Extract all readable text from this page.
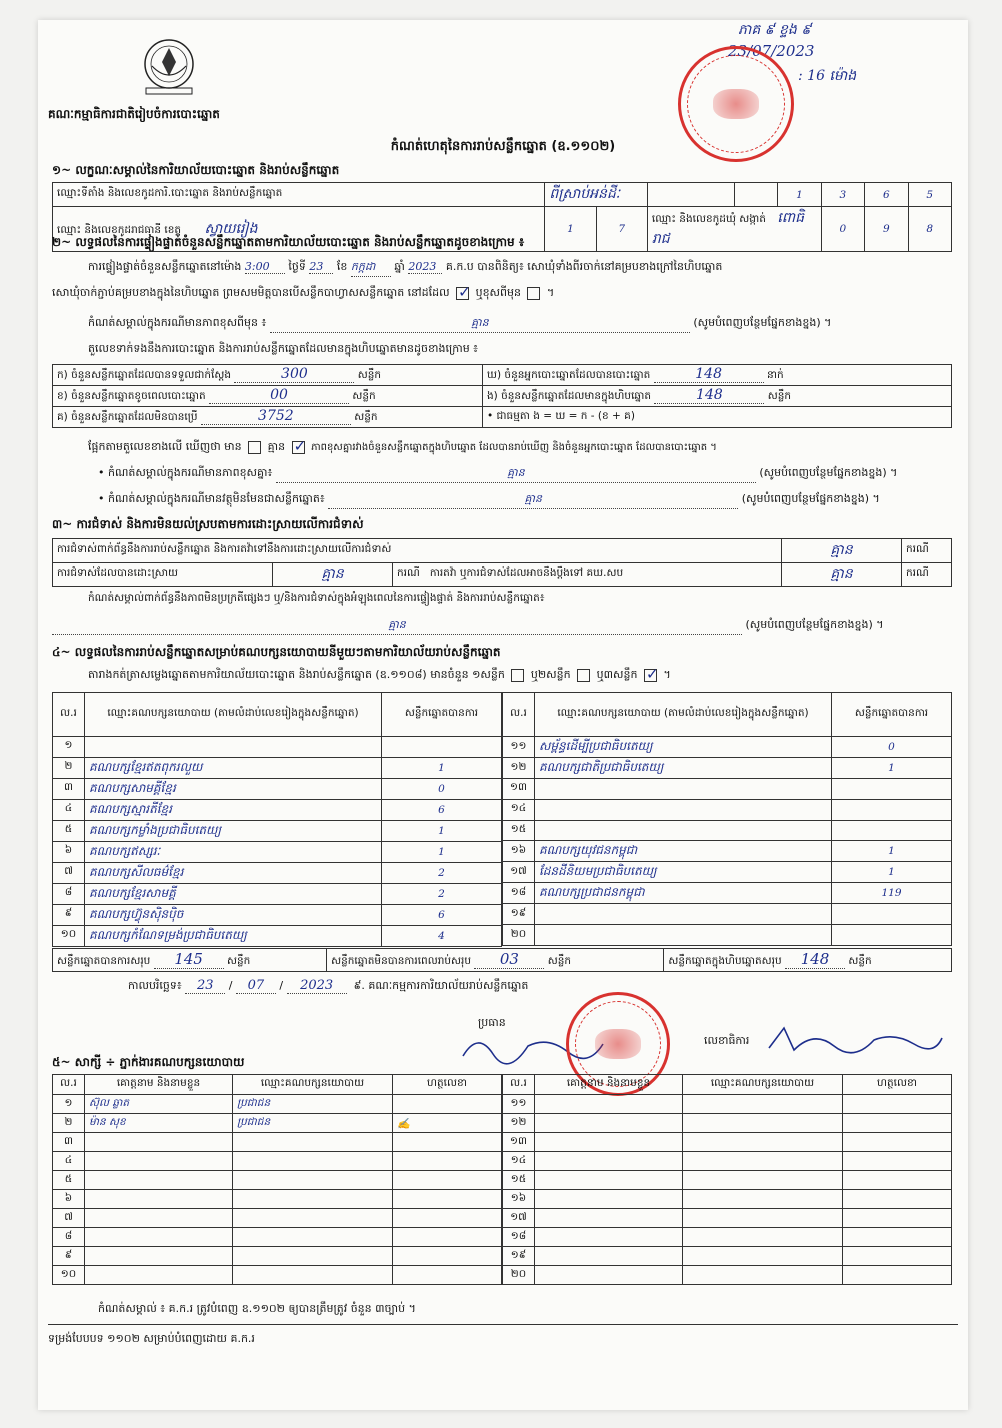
គណៈកម្មាធិការជាតិរៀបចំការបោះឆ្នោត
ភាគ ៩ ខ្ទង ៩
23/07/2023
: 16 ម៉ោង
កំណត់ហេតុនៃការរាប់សន្លឹកឆ្នោត (ឧ.១១០២)
១~ លក្ខណៈសម្គាល់នៃការិយាល័យបោះឆ្នោត និងរាប់សន្លឹកឆ្នោត
ឈ្មោះទីតាំង និងលេខកូដការិ.បោះឆ្នោត និងរាប់សន្លឹកឆ្នោត	ពីស្រាប់អន់ដីៈ				1	3	6	5
ឈ្មោះ និងលេខកូដរាជធានី ខេត្ត ស្វាយរៀង	1	7	ឈ្មោះ និងលេខកូដឃុំ សង្កាត់ ពោធិរាជ			0	9	8
២~ លទ្ធផលនៃការផ្ទៀងផ្ទាត់ចំនួនសន្លឹកឆ្នោតតាមការិយាល័យបោះឆ្នោត និងរាប់សន្លឹកឆ្នោតដូចខាងក្រោម ៖
ការផ្ទៀងផ្ទាត់ចំនួនសន្លឹកឆ្នោតនៅម៉ោង 3:00 ថ្ងៃទី 23 ខែ កក្កដា ឆ្នាំ 2023 គ.ក.ប បានពិនិត្យ៖ សោឃុំទាំងពីរចាក់នៅគម្របខាងក្រៅនៃហិបឆ្នោត
សោឃុំចាក់ភ្ជាប់គម្របខាងក្នុងនៃហិបឆ្នោត ព្រមសមមិត្តបានបើសន្លឹកបាហ្វាសសន្លឹកឆ្នោត នៅដដែល ✓ ឬខុសពីមុន  ។
កំណត់សម្គាល់ក្នុងករណីមានភាពខុសពីមុន ៖	គ្មាន	(សូមបំពេញបន្ថែមផ្នែកខាងខ្នង) ។
តួលេខទាក់ទងនឹងការបោះឆ្នោត និងការរាប់សន្លឹកឆ្នោតដែលមានក្នុងហិបឆ្នោតមានដូចខាងក្រោម ៖
ក) ចំនួនសន្លឹកឆ្នោតដែលបានទទួលជាក់ស្តែង 300 សន្លឹក	ឃ) ចំនួនអ្នកបោះឆ្នោតដែលបានបោះឆ្នោត 148 នាក់
ខ) ចំនួនសន្លឹកឆ្នោតខូចពេលបោះឆ្នោត 00 សន្លឹក	ង) ចំនួនសន្លឹកឆ្នោតដែលមានក្នុងហិបឆ្នោត 148 សន្លឹក
គ) ចំនួនសន្លឹកឆ្នោតដែលមិនបានប្រើ 3752 សន្លឹក	• ជាធម្មតា ង = ឃ = ក - (ខ + គ)
ផ្អែកតាមតួលេខខាងលើ ឃើញថា មាន គ្មាន ✓	ភាពខុសគ្នារវាងចំនួនសន្លឹកឆ្នោតក្នុងហិបឆ្នោត ដែលបានរាប់ឃើញ និងចំនួនអ្នកបោះឆ្នោត ដែលបានបោះឆ្នោត ។
• កំណត់សម្គាល់ក្នុងករណីមានភាពខុសគ្នា៖	គ្មាន	(សូមបំពេញបន្ថែមផ្នែកខាងខ្នង) ។
• កំណត់សម្គាល់ក្នុងករណីមានវត្ថុមិនមែនជាសន្លឹកឆ្នោត៖	គ្មាន	(សូមបំពេញបន្ថែមផ្នែកខាងខ្នង) ។
៣~ ការជំទាស់ និងការមិនយល់ស្របតាមការដោះស្រាយលើការជំទាស់
ការជំទាស់ពាក់ព័ន្ធនឹងការរាប់សន្លឹកឆ្នោត និងការតវ៉ាទៅនឹងការដោះស្រាយលើការជំទាស់			គ្មាន	ករណី
ការជំទាស់ដែលបានដោះស្រាយ	គ្មាន	ករណី ការតវ៉ា ឬការជំទាស់ដែលអាចនឹងប្តឹងទៅ គឃ.សប	គ្មាន	ករណី
កំណត់សម្គាល់ពាក់ព័ន្ធនឹងភាពមិនប្រក្រតីផ្សេងៗ ឬ/និងការជំទាស់ក្នុងអំឡុងពេលនៃការផ្ទៀងផ្ទាត់ និងការរាប់សន្លឹកឆ្នោត៖
គ្មាន	(សូមបំពេញបន្ថែមផ្នែកខាងខ្នង) ។
៤~ លទ្ធផលនៃការរាប់សន្លឹកឆ្នោតសម្រាប់គណបក្សនយោបាយនីមួយៗតាមការិយាល័យរាប់សន្លឹកឆ្នោត
តារាងកត់ត្រាសម្លេងឆ្នោតតាមការិយាល័យបោះឆ្នោត និងរាប់សន្លឹកឆ្នោត (ឧ.១១០៨) មានចំនួន ១សន្លឹក ឬ២សន្លឹក ឬ៣សន្លឹក ✓ ។
ល.រ	ឈ្មោះគណបក្សនយោបាយ (តាមលំដាប់លេខរៀងក្នុងសន្លឹកឆ្នោត)	សន្លឹកឆ្នោតបានការ
១		
២	គណបក្សខ្មែរឥតពុករលួយ	1
៣	គណបក្សសាមគ្គីខ្មែរ	0
៤	គណបក្សស្មារតីខ្មែរ	6
៥	គណបក្សកម្លាំងប្រជាធិបតេយ្យ	1
៦	គណបក្សឥស្សរៈ	1
៧	គណបក្សសីលធម៌ខ្មែរ	2
៨	គណបក្សខ្មែរសាមគ្គី	2
៩	គណបក្សហ៊្វុនស៊ិនប៉ិច	6
១០	គណបក្សកំណែទម្រង់ប្រជាធិបតេយ្យ	4
ល.រ	ឈ្មោះគណបក្សនយោបាយ (តាមលំដាប់លេខរៀងក្នុងសន្លឹកឆ្នោត)	សន្លឹកឆ្នោតបានការ
១១	សម្ព័ន្ធដើម្បីប្រជាធិបតេយ្យ	0
១២	គណបក្សជាតិប្រជាធិបតេយ្យ	1
១៣		
១៤		
១៥		
១៦	គណបក្សយុវជនកម្ពុជា	1
១៧	ដែនដីនិយមប្រជាធិបតេយ្យ	1
១៨	គណបក្សប្រជាជនកម្ពុជា	119
១៩		
២០		
សន្លឹកឆ្នោតបានការសរុប 145 សន្លឹក	សន្លឹកឆ្នោតមិនបានការពេលរាប់សរុប 03	សន្លឹក	សន្លឹកឆ្នោតក្នុងហិបឆ្នោតសរុប 148 សន្លឹក
កាលបរិច្ឆេទ៖ 23 / 07 / 2023 ៩. គណៈកម្មការការិយាល័យរាប់សន្លឹកឆ្នោត
ប្រធាន
លេខាធិការ
៥~ សាក្សី ÷ ភ្នាក់ងារគណបក្សនយោបាយ
ល.រ	គោត្តនាម និងនាមខ្លួន	ឈ្មោះគណបក្សនយោបាយ	ហត្ថលេខា
១	ស៊ុល ឆ្លាត	ប្រជាជន	
២	ម៉ាន សុខ	ប្រជាជន	✍
៣			
៤			
៥			
៦			
៧			
៨			
៩			
១០			
ល.រ	គោត្តនាម និងនាមខ្លួន	ឈ្មោះគណបក្សនយោបាយ	ហត្ថលេខា
១១			
១២			
១៣			
១៤			
១៥			
១៦			
១៧			
១៨			
១៩			
២០			
កំណត់សម្គាល់ ៖ គ.ក.រ ត្រូវបំពេញ ឧ.១១០២ ឲ្យបានត្រឹមត្រូវ ចំនួន ៣ច្បាប់ ។
ទម្រង់បែបបទ ១១០២ សម្រាប់បំពេញដោយ គ.ក.រ
